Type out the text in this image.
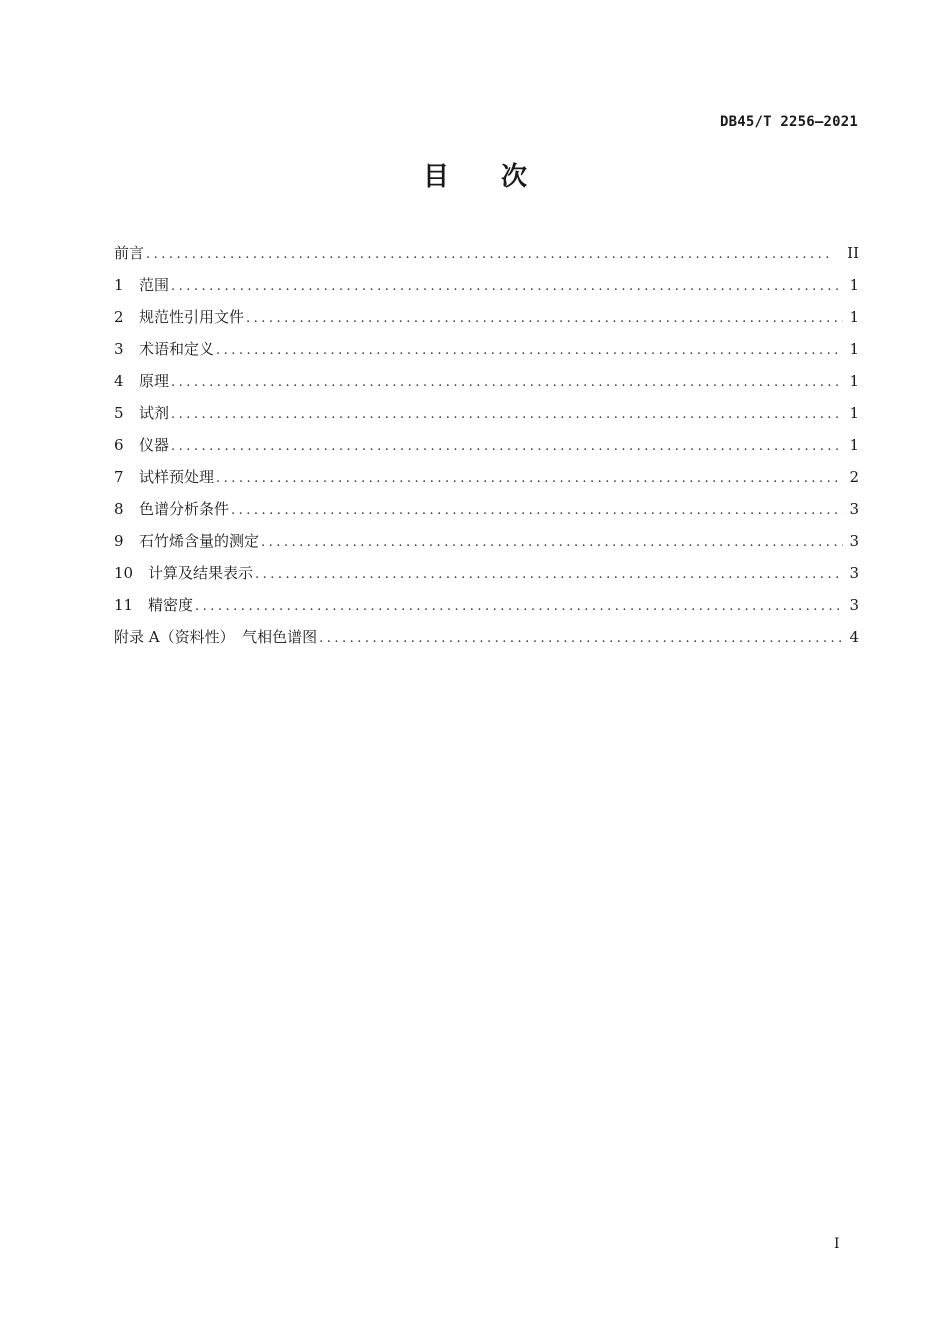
DB45/T 2256—2021
目次
前言 .....	II
1	范围 .....	1
2	规范性引用文件 .....	1
3	术语和定义 .....	1
4	原理 .....	1
5	试剂 .....	1
6	仪器 .....	1
7	试样预处理 .....	2
8	色谱分析条件 .....	3
9	石竹烯含量的测定 .....	3
10 计算及结果表示 .....	3
11 精密度 .....	3
附录 A（资料性）　气相色谱图 .....	4
I
